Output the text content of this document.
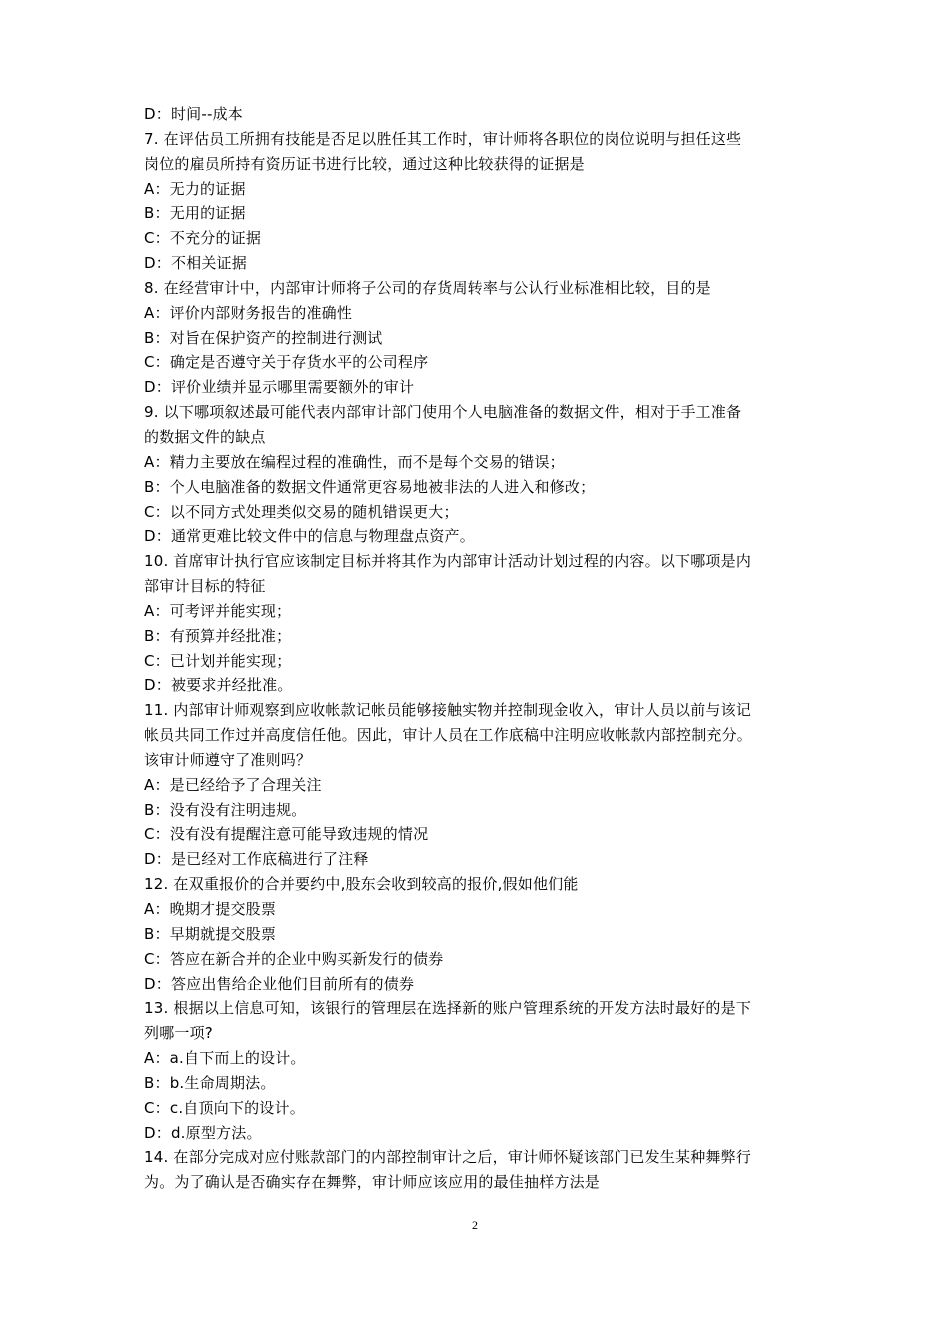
D：时间--成本
7. 在评估员工所拥有技能是否足以胜任其工作时，审计师将各职位的岗位说明与担任这些
岗位的雇员所持有资历证书进行比较，通过这种比较获得的证据是
A：无力的证据
B：无用的证据
C：不充分的证据
D：不相关证据
8. 在经营审计中，内部审计师将子公司的存货周转率与公认行业标准相比较，目的是
A：评价内部财务报告的准确性
B：对旨在保护资产的控制进行测试
C：确定是否遵守关于存货水平的公司程序
D：评价业绩并显示哪里需要额外的审计
9. 以下哪项叙述最可能代表内部审计部门使用个人电脑准备的数据文件，相对于手工准备
的数据文件的缺点
A：精力主要放在编程过程的准确性，而不是每个交易的错误；
B：个人电脑准备的数据文件通常更容易地被非法的人进入和修改；
C：以不同方式处理类似交易的随机错误更大；
D：通常更难比较文件中的信息与物理盘点资产。
10. 首席审计执行官应该制定目标并将其作为内部审计活动计划过程的内容。以下哪项是内
部审计目标的特征
A：可考评并能实现；
B：有预算并经批准；
C：已计划并能实现；
D：被要求并经批准。
11. 内部审计师观察到应收帐款记帐员能够接触实物并控制现金收入，审计人员以前与该记
帐员共同工作过并高度信任他。因此，审计人员在工作底稿中注明应收帐款内部控制充分。
该审计师遵守了准则吗？
A：是已经给予了合理关注
B：没有没有注明违规。
C：没有没有提醒注意可能导致违规的情况
D：是已经对工作底稿进行了注释
12. 在双重报价的合并要约中,股东会收到较高的报价,假如他们能
A：晚期才提交股票
B：早期就提交股票
C：答应在新合并的企业中购买新发行的债券
D：答应出售给企业他们目前所有的债券
13. 根据以上信息可知，该银行的管理层在选择新的账户管理系统的开发方法时最好的是下
列哪一项?
A：a.自下而上的设计。
B：b.生命周期法。
C：c.自顶向下的设计。
D：d.原型方法。
14. 在部分完成对应付账款部门的内部控制审计之后，审计师怀疑该部门已发生某种舞弊行
为。为了确认是否确实存在舞弊，审计师应该应用的最佳抽样方法是
2
